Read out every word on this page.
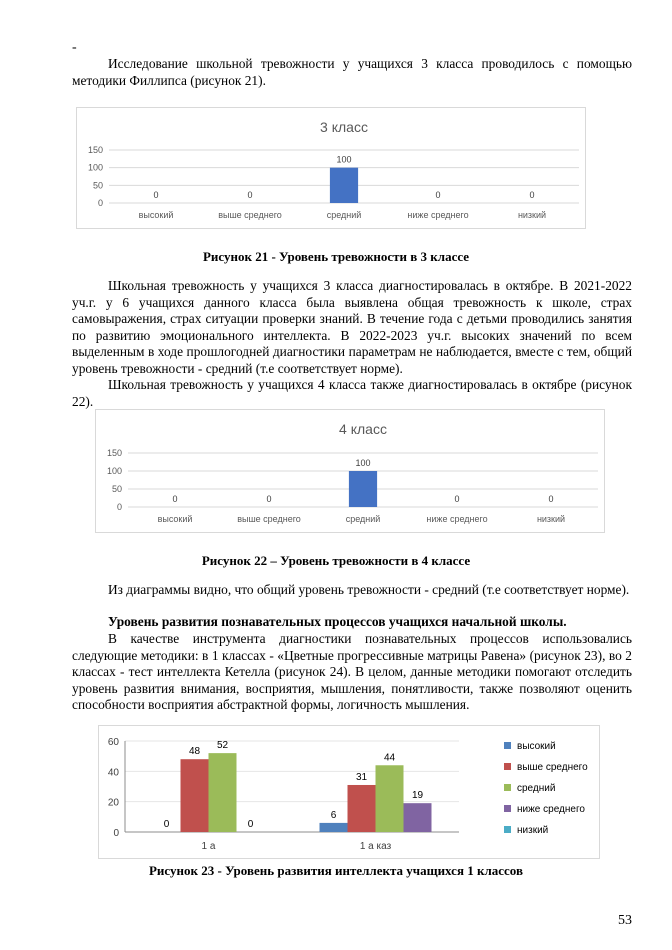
-
Исследование школьной тревожности у учащихся 3 класса проводилось с помощью методики Филлипса (рисунок 21).
3 класс
0
50
100
150
0
высокий
0
выше среднего
100
средний
0
ниже среднего
0
низкий
Рисунок 21 - Уровень тревожности в 3 классе
Школьная тревожность у учащихся 3 класса диагностировалась в октябре. В 2021-2022 уч.г. у 6 учащихся данного класса была выявлена общая тревожность к школе, страх самовыражения, страх ситуации проверки знаний. В течение года с детьми проводились занятия по развитию эмоционального интеллекта. В 2022-2023 уч.г. высоких значений по всем выделенным в ходе прошлогодней диагностики параметрам не наблюдается, вместе с тем, общий уровень тревожности - средний (т.е соответствует норме).
Школьная тревожность у учащихся 4 класса также диагностировалась в октябре (рисунок 22).
4 класс
0
50
100
150
0
высокий
0
выше среднего
100
средний
0
ниже среднего
0
низкий
Рисунок 22 – Уровень тревожности в 4 классе
Из диаграммы видно, что общий уровень тревожности - средний (т.е соответствует норме).
Уровень развития познавательных процессов учащихся начальной школы.
В качестве инструмента диагностики познавательных процессов использовались следующие методики: в 1 классах - «Цветные прогрессивные матрицы Равена» (рисунок 23), во 2 классах - тест интеллекта Кетелла (рисунок 24). В целом, данные методики помогают отследить уровень развития внимания, восприятия, мышления, понятливости, также позволяют оценить способности восприятия абстрактной формы, логичность мышления.
0
20
40
60
0
48
52
0
1 а
6
31
44
19
1 а каз
высокий
выше среднего
средний
ниже среднего
низкий
Рисунок 23 - Уровень развития интеллекта учащихся 1 классов
53
